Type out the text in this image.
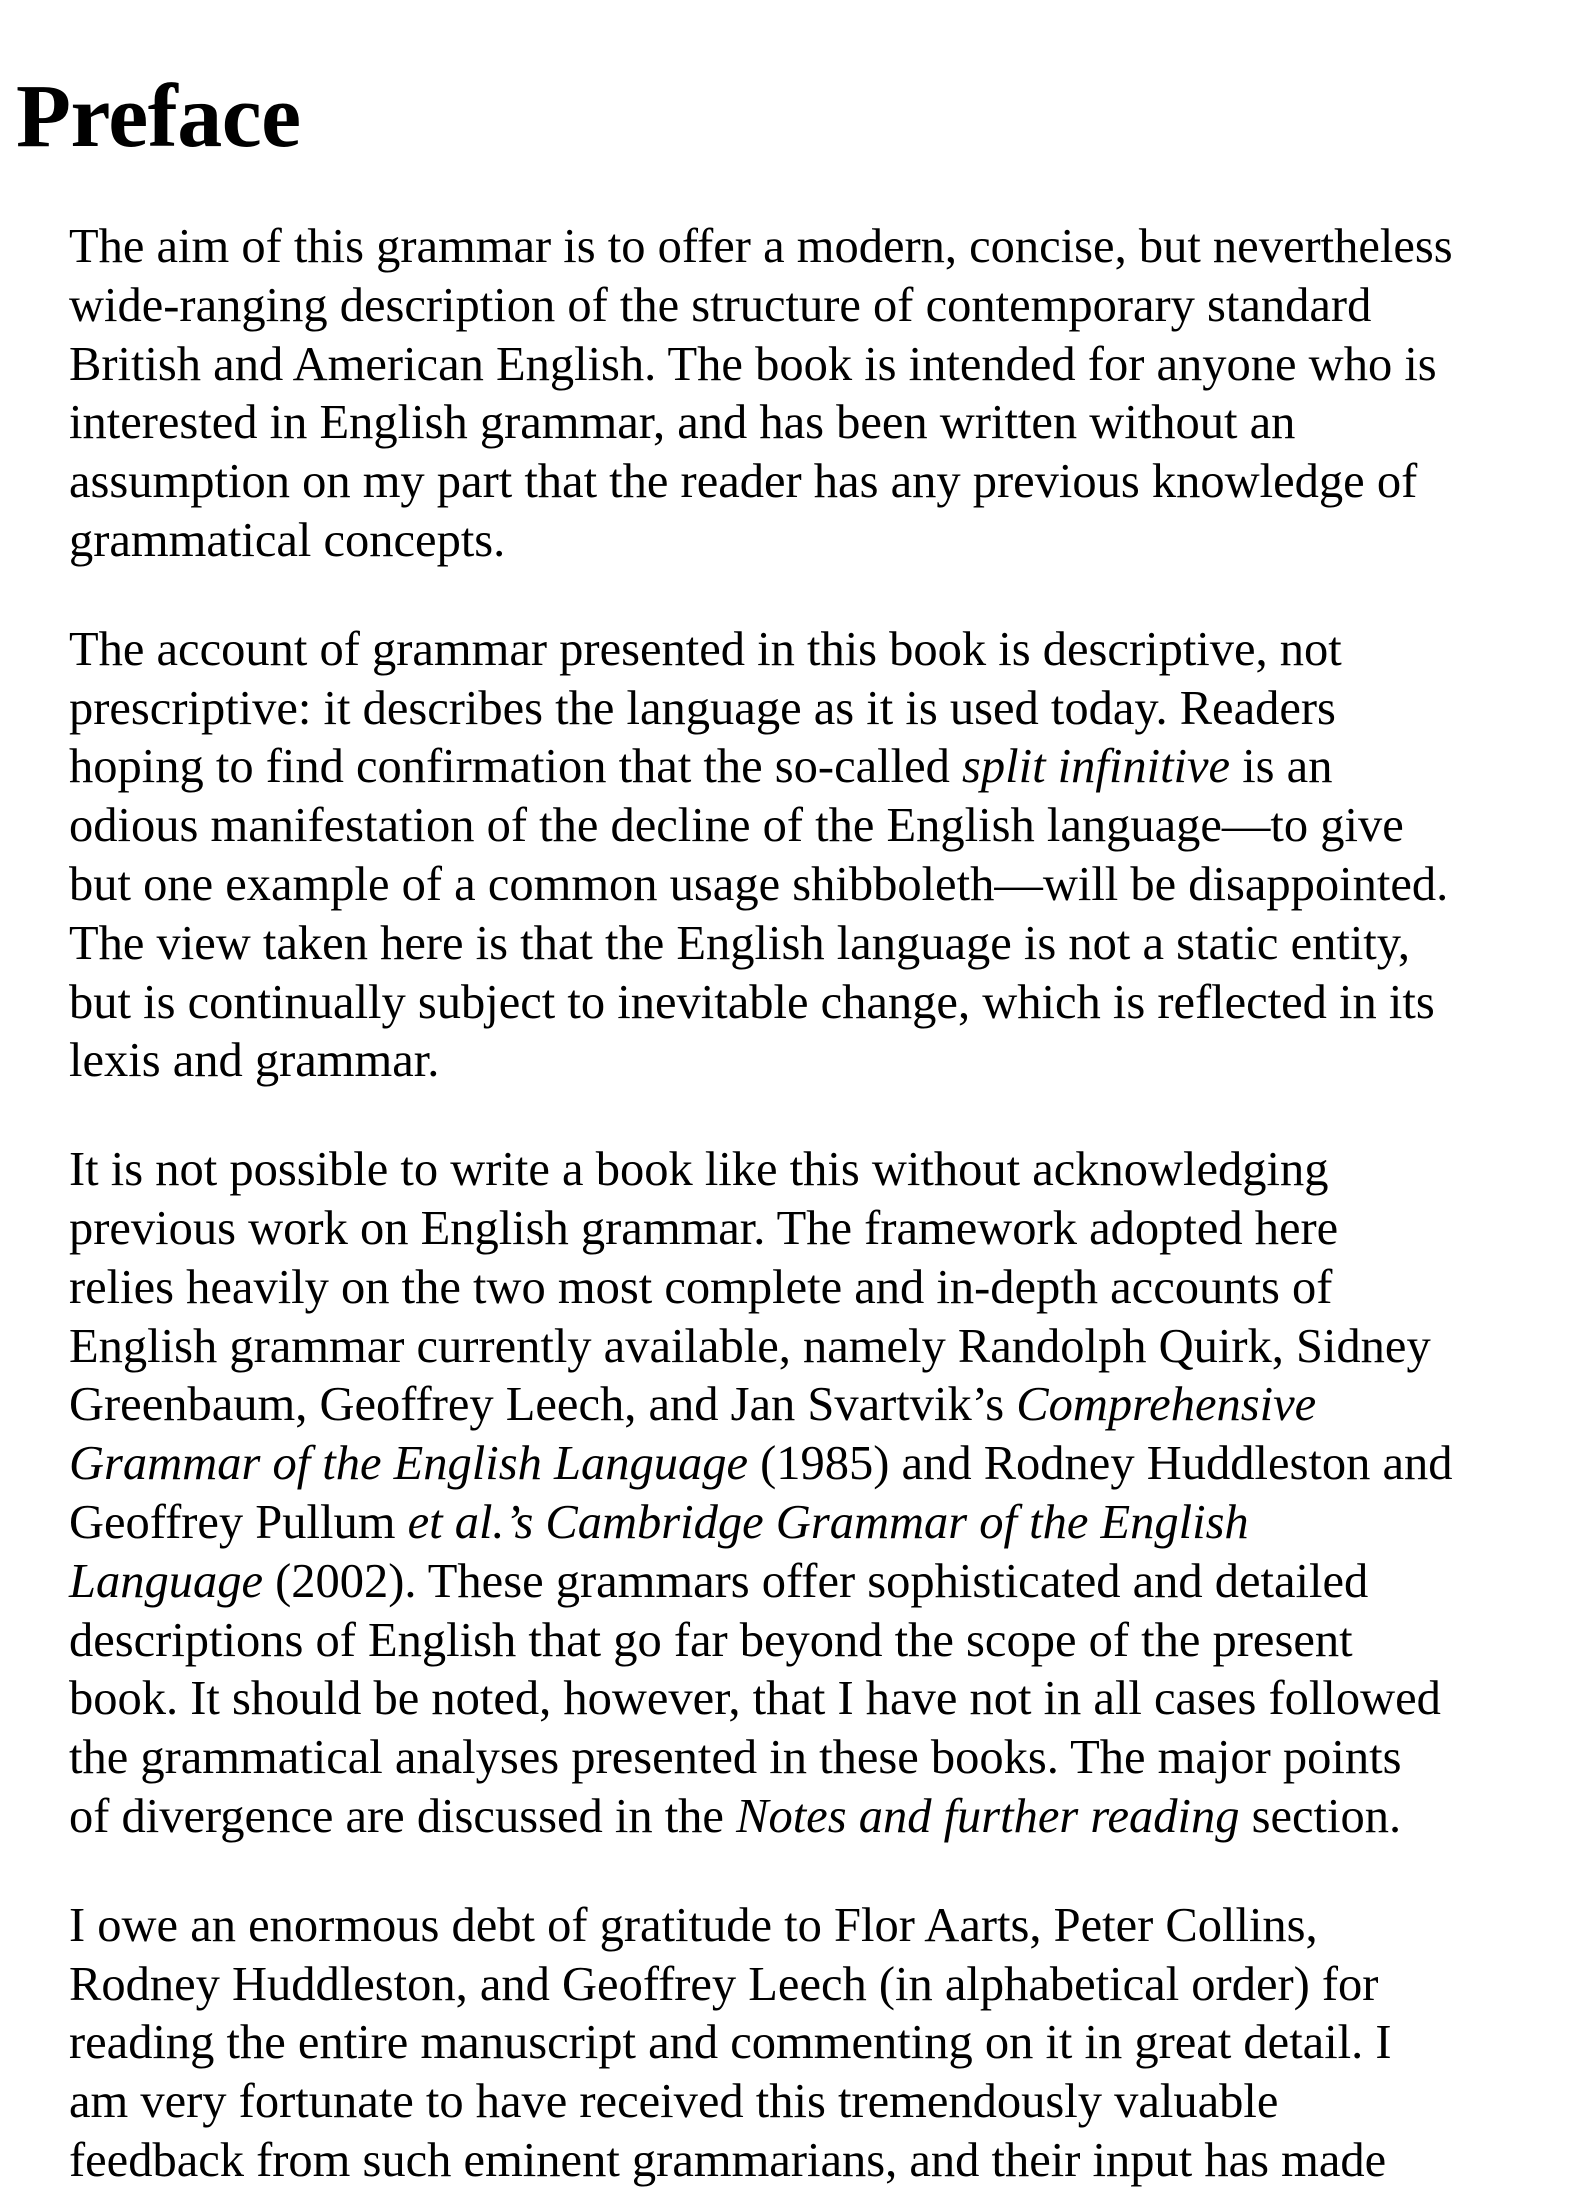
Preface

The aim of this grammar is to offer a modern, concise, but nevertheless
wide-ranging description of the structure of contemporary standard
British and American English. The book is intended for anyone who is
interested in English grammar, and has been written without an
assumption on my part that the reader has any previous knowledge of
grammatical concepts.

The account of grammar presented in this book is descriptive, not
prescriptive: it describes the language as it is used today. Readers
hoping to find confirmation that the so-called split infinitive is an
odious manifestation of the decline of the English language—to give
but one example of a common usage shibboleth—will be disappointed.
The view taken here is that the English language is not a static entity,
but is continually subject to inevitable change, which is reflected in its
lexis and grammar.

It is not possible to write a book like this without acknowledging
previous work on English grammar. The framework adopted here
relies heavily on the two most complete and in-depth accounts of
English grammar currently available, namely Randolph Quirk, Sidney
Greenbaum, Geoffrey Leech, and Jan Svartvik’s Comprehensive
Grammar of the English Language (1985) and Rodney Huddleston and
Geoffrey Pullum et al.’s Cambridge Grammar of the English
Language (2002). These grammars offer sophisticated and detailed
descriptions of English that go far beyond the scope of the present
book. It should be noted, however, that I have not in all cases followed
the grammatical analyses presented in these books. The major points
of divergence are discussed in the Notes and further reading section.

I owe an enormous debt of gratitude to Flor Aarts, Peter Collins,
Rodney Huddleston, and Geoffrey Leech (in alphabetical order) for
reading the entire manuscript and commenting on it in great detail. I
am very fortunate to have received this tremendously valuable
feedback from such eminent grammarians, and their input has made
